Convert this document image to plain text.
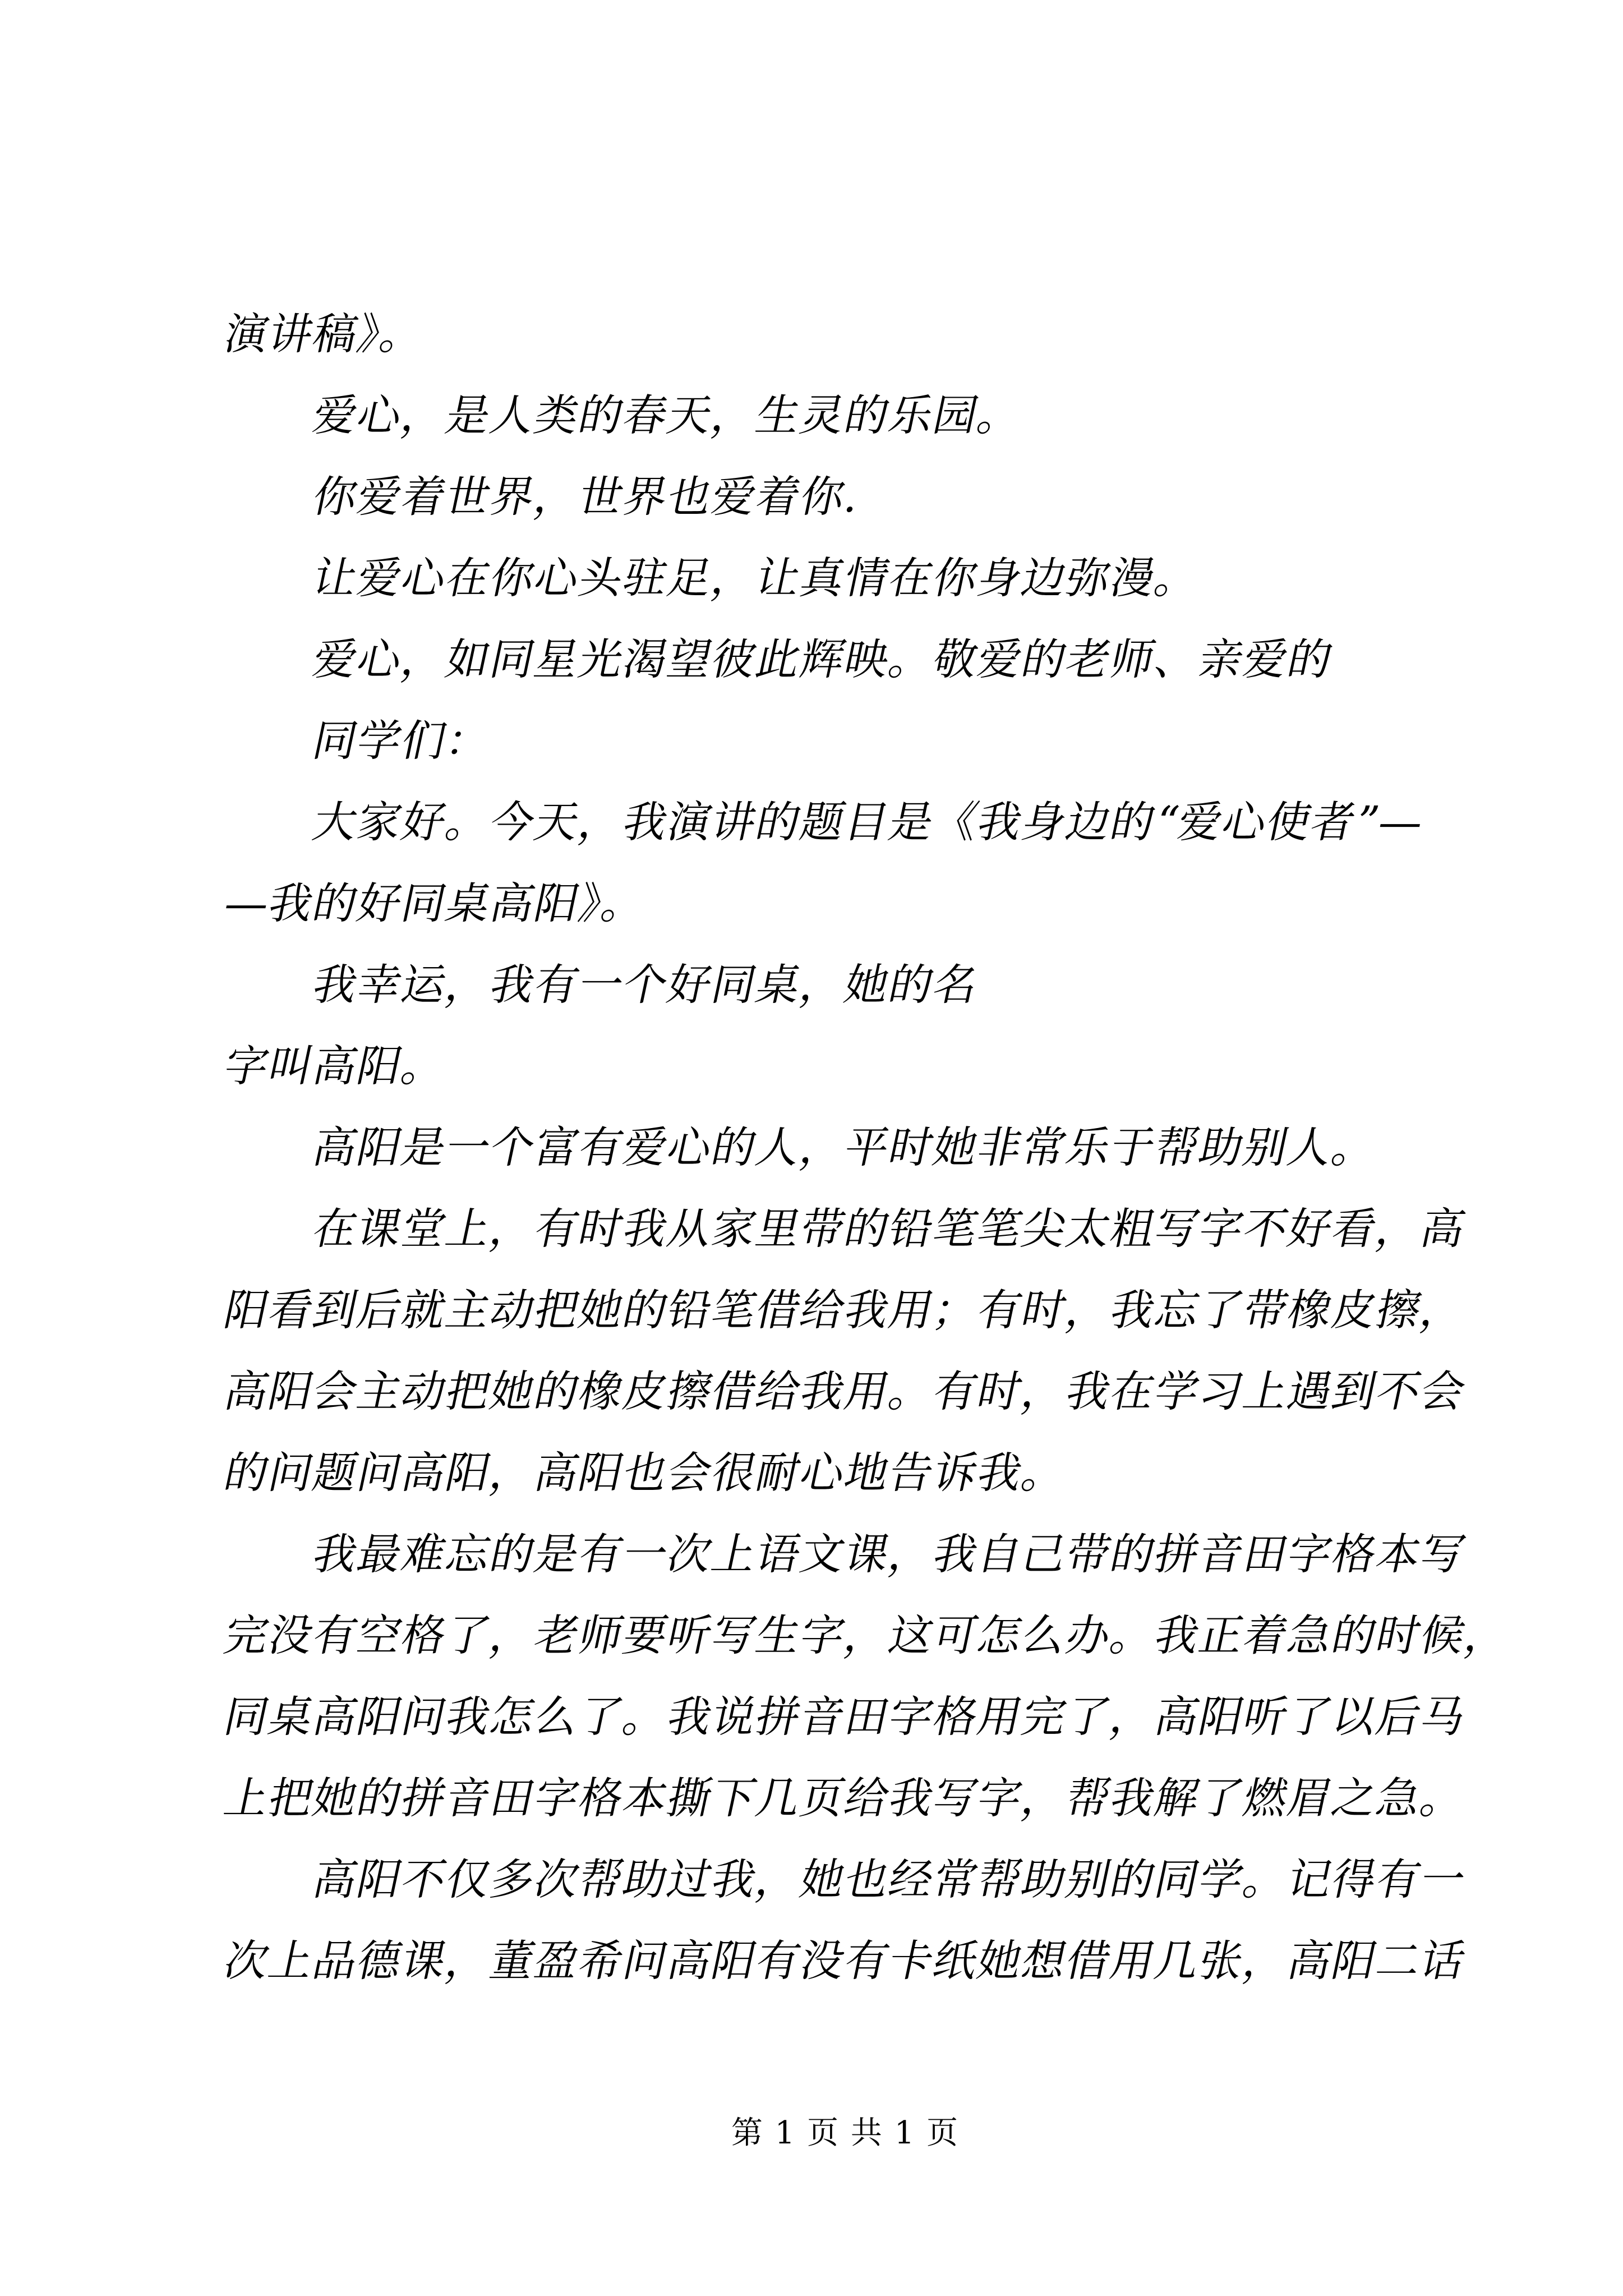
演讲稿》。
爱心，是人类的春天，生灵的乐园。
你爱着世界，世界也爱着你.
让爱心在你心头驻足，让真情在你身边弥漫。
爱心，如同星光渴望彼此辉映。敬爱的老师、亲爱的
同学们：
大家好。今天，我演讲的题目是《我身边的“爱心使者”—
—我的好同桌高阳》。
我幸运，我有一个好同桌，她的名
字叫高阳。
高阳是一个富有爱心的人，平时她非常乐于帮助别人。
在课堂上，有时我从家里带的铅笔笔尖太粗写字不好看，高
阳看到后就主动把她的铅笔借给我用；有时，我忘了带橡皮擦，
高阳会主动把她的橡皮擦借给我用。有时，我在学习上遇到不会
的问题问高阳，高阳也会很耐心地告诉我。
我最难忘的是有一次上语文课，我自己带的拼音田字格本写
完没有空格了，老师要听写生字，这可怎么办。我正着急的时候，
同桌高阳问我怎么了。我说拼音田字格用完了，高阳听了以后马
上把她的拼音田字格本撕下几页给我写字，帮我解了燃眉之急。
高阳不仅多次帮助过我，她也经常帮助别的同学。记得有一
次上品德课，董盈希问高阳有没有卡纸她想借用几张，高阳二话
第 1 页 共 1 页
